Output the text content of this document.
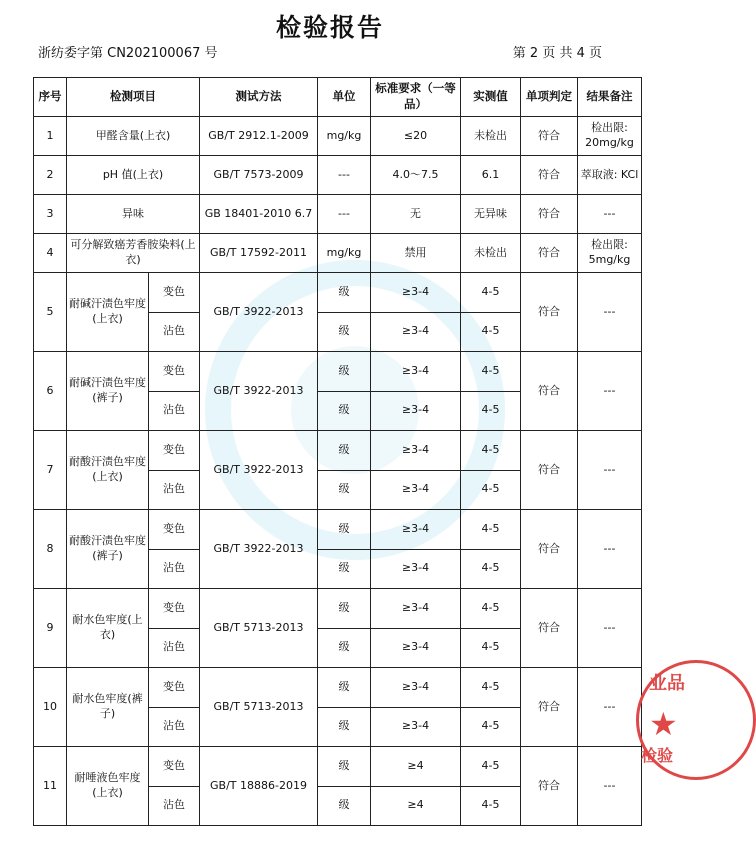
检验报告
浙纺委字第 CN202100067 号	第 2 页 共 4 页
序号	检测项目		测试方法	单位	标准要求（一等品）	实测值	单项判定	结果备注
1	甲醛含量(上衣)		GB/T 2912.1-2009	mg/kg	≤20	未检出	符合	检出限: 20mg/kg
2	pH 值(上衣)		GB/T 7573-2009	---	4.0～7.5	6.1	符合	萃取液: KCl
3	异味		GB 18401-2010 6.7	---	无	无异味	符合	---
4	可分解致癌芳香胺染料(上衣)		GB/T 17592-2011	mg/kg	禁用	未检出	符合	检出限: 5mg/kg
5	耐碱汗渍色牢度(上衣)	变色	GB/T 3922-2013	级	≥3-4	4-5	符合	---
		沾色		级	≥3-4	4-5		
6	耐碱汗渍色牢度(裤子)	变色	GB/T 3922-2013	级	≥3-4	4-5	符合	---
		沾色		级	≥3-4	4-5		
7	耐酸汗渍色牢度(上衣)	变色	GB/T 3922-2013	级	≥3-4	4-5	符合	---
		沾色		级	≥3-4	4-5		
8	耐酸汗渍色牢度(裤子)	变色	GB/T 3922-2013	级	≥3-4	4-5	符合	---
		沾色		级	≥3-4	4-5		
9	耐水色牢度(上衣)	变色	GB/T 5713-2013	级	≥3-4	4-5	符合	---
		沾色		级	≥3-4	4-5		
10	耐水色牢度(裤子)	变色	GB/T 5713-2013	级	≥3-4	4-5	符合	---
		沾色		级	≥3-4	4-5		
11	耐唾液色牢度(上衣)	变色	GB/T 18886-2019	级	≥4	4-5	符合	---
		沾色		级	≥4	4-5		
业品
★
检验
